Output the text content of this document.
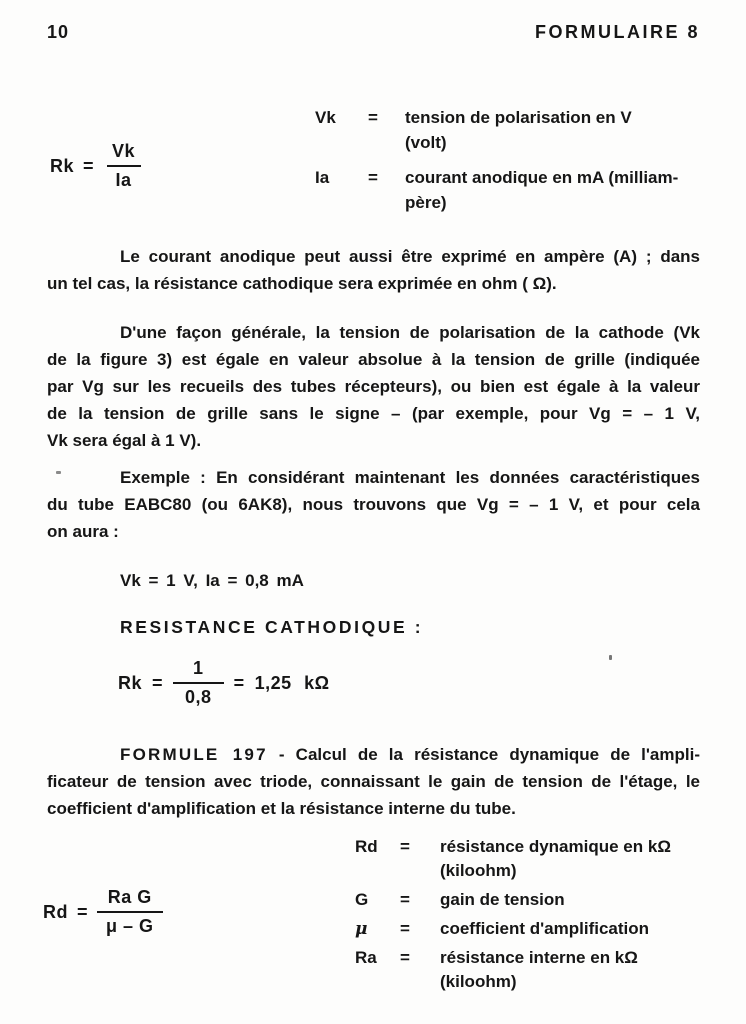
10	FORMULAIRE 8
$Rk = \frac{Vk}{Ia}$
Vk	=	tension de polarisation en V
(volt)
Ia	=	courant anodique en mA (milliam-
père)
Le courant anodique peut aussi être exprimé en ampère (A) ; dans
un tel cas, la résistance cathodique sera exprimée en ohm ( Ω).
D'une façon générale, la tension de polarisation de la cathode (Vk
de la figure 3) est égale en valeur absolue à la tension de grille (indiquée
par Vg sur les recueils des tubes récepteurs), ou bien est égale à la valeur
de la tension de grille sans le signe – (par exemple, pour Vg = – 1 V,
Vk sera égal à 1 V).
Exemple : En considérant maintenant les données caractéristiques
du tube EABC80 (ou 6AK8), nous trouvons que Vg = – 1 V, et pour cela
on aura :
Vk = 1 V, Ia = 0,8 mA
RESISTANCE CATHODIQUE :
$Rk = \frac{1}{0,8} = 1,25$ kΩ
FORMULE 197 - Calcul de la résistance dynamique de l'ampli-
ficateur de tension avec triode, connaissant le gain de tension de l'étage, le
coefficient d'amplification et la résistance interne du tube.
$Rd = \frac{\text{Ra G}}{\mu - G}$
Rd	=	résistance dynamique en kΩ
(kiloohm)
G	=	gain de tension
μ	=	coefficient d'amplification
Ra	=	résistance interne en kΩ
(kiloohm)
